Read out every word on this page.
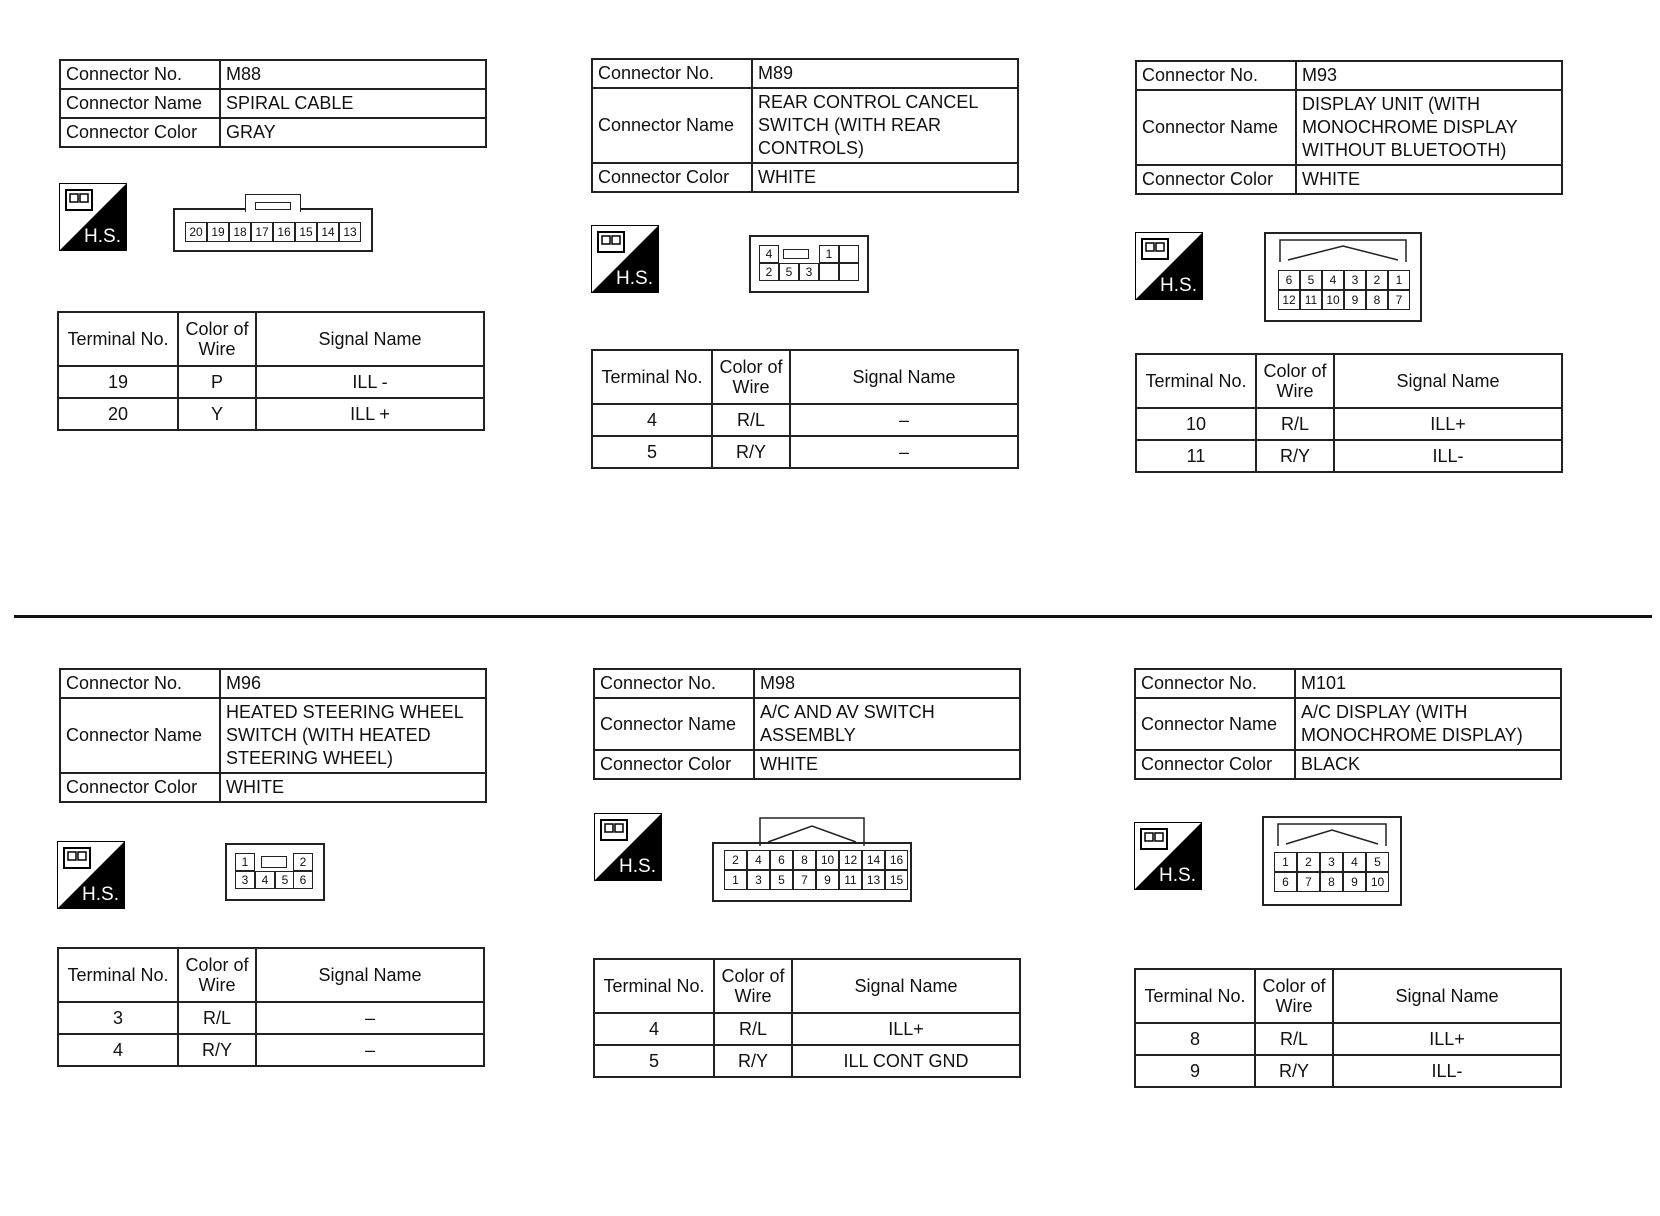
Connector No.	M88
Connector Name	SPIRAL CABLE
Connector Color	GRAY
H.S.	20 19 18 17 16 15 14 13
Terminal No.	Color of Wire	Signal Name
19	P	ILL -
20	Y	ILL +
Connector No.	M89
Connector Name	REAR CONTROL CANCEL SWITCH (WITH REAR CONTROLS)
Connector Color	WHITE
H.S.
4	1
2	5	3
Terminal No.	Color of Wire	Signal Name
4	R/L	–
5	R/Y	–
Connector No.	M93
Connector Name	DISPLAY UNIT (WITH MONOCHROME DISPLAY WITHOUT BLUETOOTH)
Connector Color	WHITE
H.S.	6	5	4	3	2	1
12 11 10 9	8	7
Terminal No.	Color of Wire	Signal Name
10	R/L	ILL+
11	R/Y	ILL-
Connector No.	M96
Connector Name	HEATED STEERING WHEEL SWITCH (WITH HEATED STEERING WHEEL)
Connector Color	WHITE
H.S.
1	2
3	4	5 6
Terminal No.	Color of Wire	Signal Name
3	R/L	–
4	R/Y	–
Connector No.	M98
Connector Name	A/C AND AV SWITCH ASSEMBLY
Connector Color	WHITE
H.S.	2	4	6	8	10 12 14 16
1	3	5	7	9	11 13 15
Terminal No.	Color of Wire	Signal Name
4	R/L	ILL+
5	R/Y	ILL CONT GND
Connector No.	M101
Connector Name	A/C DISPLAY (WITH MONOCHROME DISPLAY)
Connector Color	BLACK
H.S.
1	2	3	4	5
6	7	8	9	10
Terminal No.	Color of Wire	Signal Name
8	R/L	ILL+
9	R/Y	ILL-
